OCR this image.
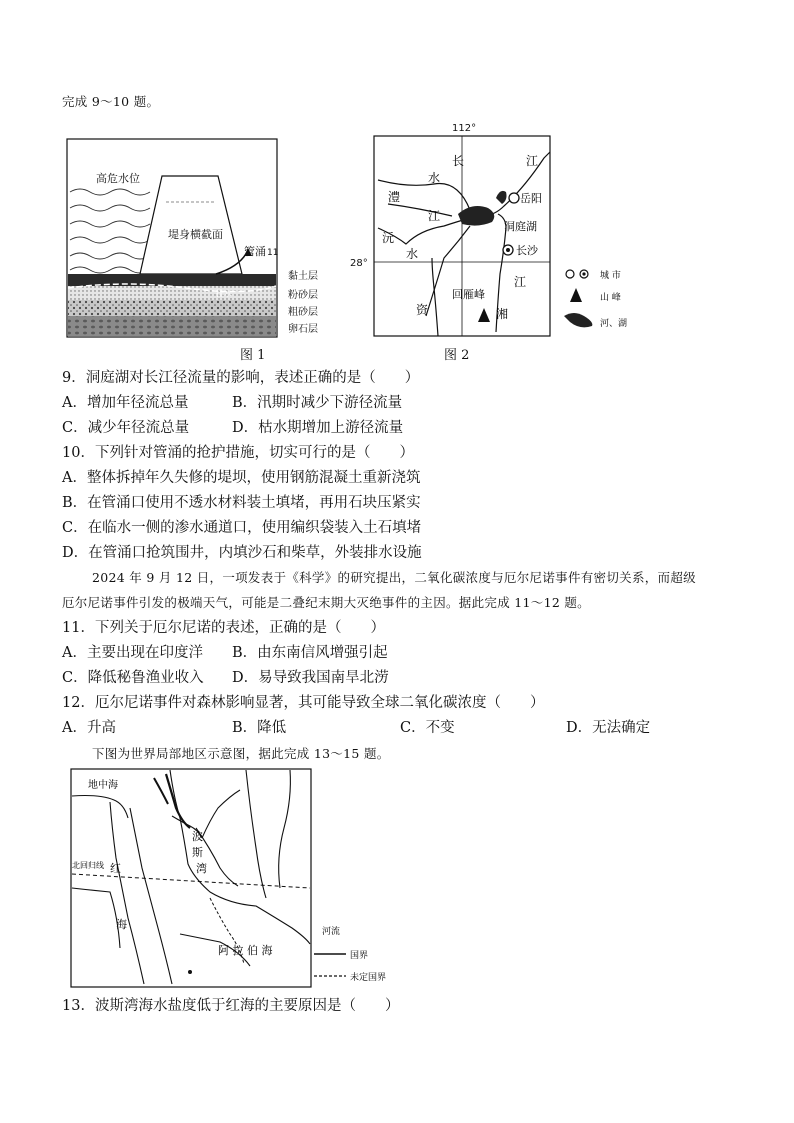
完成 9～10 题。
高危水位
堤身横截面
管涌 11
排水
黏土层
粉砂层
粗砂层
卵石层
图 1
112°
28°
长	江
澧
水
江
沅
水
岳阳
洞庭湖
长沙
江
资
回雁峰
湘
城 市
山 峰
河、湖
图 2
9．洞庭湖对长江径流量的影响，表述正确的是（　　）
A．增加年径流总量	B．汛期时减少下游径流量
C．减少年径流总量	D．枯水期增加上游径流量
10．下列针对管涌的抢护措施，切实可行的是（　　）
A．整体拆掉年久失修的堤坝，使用钢筋混凝土重新浇筑
B．在管涌口使用不透水材料装土填堵，再用石块压紧实
C．在临水一侧的渗水通道口，使用编织袋装入土石填堵
D．在管涌口抢筑围井，内填沙石和柴草，外装排水设施
2024 年 9 月 12 日，一项发表于《科学》的研究提出，二氧化碳浓度与厄尔尼诺事件有密切关系，而超级
厄尔尼诺事件引发的极端天气，可能是二叠纪末期大灭绝事件的主因。据此完成 11～12 题。
11．下列关于厄尔尼诺的表述，正确的是（　　）
A．主要出现在印度洋 B．由东南信风增强引起
C．降低秘鲁渔业收入 D．易导致我国南旱北涝
12．厄尔尼诺事件对森林影响显著，其可能导致全球二氧化碳浓度（　　）
A．升高	B．降低	C．不变	D．无法确定
下图为世界局部地区示意图，据此完成 13～15 题。
地中海
北回归线 红
海
波
斯
湾
阿 拉 伯 海
河流
国界
未定国界
13．波斯湾海水盐度低于红海的主要原因是（　　）
